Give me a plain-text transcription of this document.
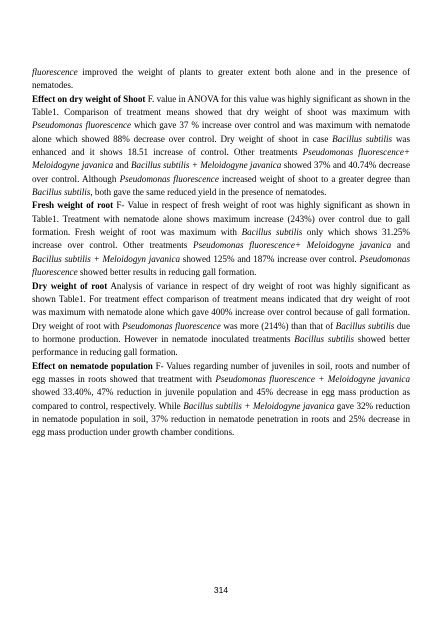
fluorescence improved the weight of plants to greater extent both alone and in the presence of nematodes.

Effect on dry weight of Shoot F. value in ANOVA for this value was highly significant as shown in the Table1. Comparison of treatment means showed that dry weight of shoot was maximum with Pseudomonas fluorescence which gave 37 % increase over control and was maximum with nematode alone which showed 88% decrease over control. Dry weight of shoot in case Bacillus subtilis was enhanced and it shows 18.51 increase of control. Other treatments Pseudomonas fluorescence+ Meloidogyne javanica and Bacillus subtilis + Meloidogyne javanica showed 37% and 40.74% decrease over control. Although Pseudomonas fluorescence increased weight of shoot to a greater degree than Bacillus subtilis, both gave the same reduced yield in the presence of nematodes.

Fresh weight of root F- Value in respect of fresh weight of root was highly significant as shown in Table1. Treatment with nematode alone shows maximum increase (243%) over control due to gall formation. Fresh weight of root was maximum with Bacillus subtilis only which shows 31.25% increase over control. Other treatments Pseudomonas fluorescence+ Meloidogyne javanica and Bacillus subtilis + Meloidogyn javanica showed 125% and 187% increase over control. Pseudomonas fluorescence showed better results in reducing gall formation.

Dry weight of root Analysis of variance in respect of dry weight of root was highly significant as shown Table1. For treatment effect comparison of treatment means indicated that dry weight of root was maximum with nematode alone which gave 400% increase over control because of gall formation. Dry weight of root with Pseudomonas fluorescence was more (214%) than that of Bacillus subtilis due to hormone production. However in nematode inoculated treatments Bacillus subtilis showed better performance in reducing gall formation.

Effect on nematode population F- Values regarding number of juveniles in soil, roots and number of egg masses in roots showed that treatment with Pseudomonas fluorescence + Meloidogyne javanica showed 33.40%, 47% reduction in juvenile population and 45% decrease in egg mass production as compared to control, respectively. While Bacillus subtilis + Meloidogyne javanica gave 32% reduction in nematode population in soil, 37% reduction in nematode penetration in roots and 25% decrease in egg mass production under growth chamber conditions.

314
